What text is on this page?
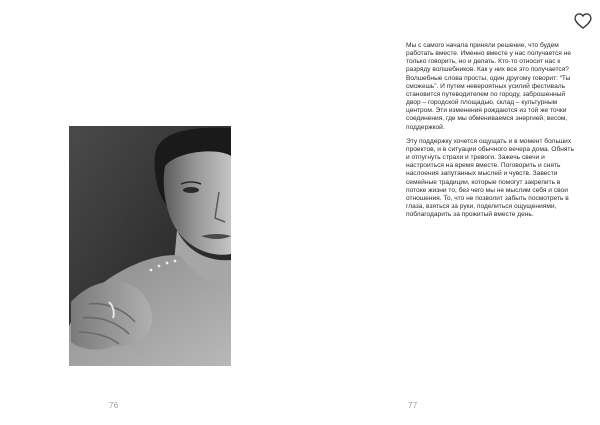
76

Мы с самого начала приняли решение, что будем работать вместе. Именно вместе у нас получается не только говорить, но и делать. Кто-то относит нас к разряду волшебников. Как у них все это получается? Волшебные слова просты, один другому говорит: “Ты сможешь”. И путем невероятных усилий фестиваль становится путеводителем по городу, заброшенный двор – городской площадью, склад – культурным центром. Эти изменения рождаются из той же точки соединения, где мы обмениваемся энергией, весом, поддержкой.

Эту поддержку хочется ощущать и в момент больших проектов, и в ситуации обычного вечера дома. Обнять и отпугнуть страхи и тревоги. Зажечь свечи и настроиться на время вместе. Поговорить и снять наслоения запутанных мыслей и чувств. Завести семейные традиции, которые помогут закрепить в потоке жизни то, без чего мы не мыслим себя и свои отношения. То, что не позволит забыть посмотреть в глаза, взяться за руки, поделиться ощущениями, поблагодарить за прожитый вместе день.

77
